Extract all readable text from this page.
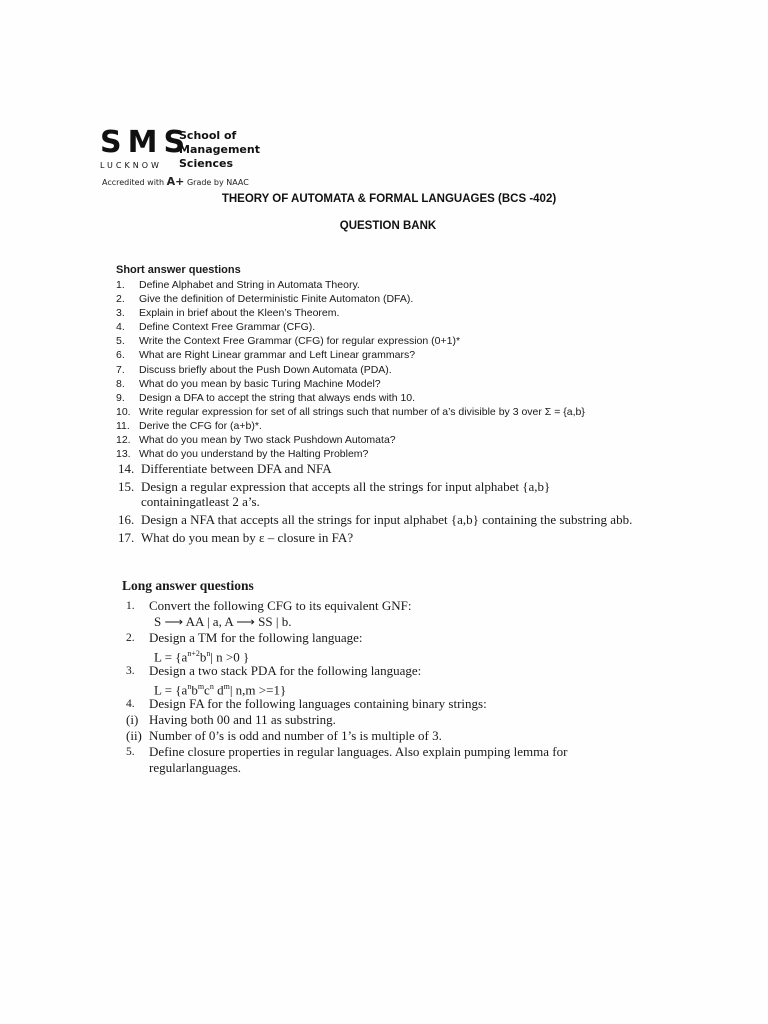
SMS
LUCKNOW
School of
Management
Sciences
Accredited with A+ Grade by NAAC
THEORY OF AUTOMATA & FORMAL LANGUAGES (BCS -402)
QUESTION BANK
Short answer questions
1.	Define Alphabet and String in Automata Theory.
2.	Give the definition of Deterministic Finite Automaton (DFA).
3.	Explain in brief about the Kleen’s Theorem.
4.	Define Context Free Grammar (CFG).
5.	Write the Context Free Grammar (CFG) for regular expression (0+1)*
6.	What are Right Linear grammar and Left Linear grammars?
7.	Discuss briefly about the Push Down Automata (PDA).
8.	What do you mean by basic Turing Machine Model?
9.	Design a DFA to accept the string that always ends with 10.
10. Write regular expression for set of all strings such that number of a’s divisible by 3 over Σ = {a,b}
11. Derive the CFG for (a+b)*.
12. What do you mean by Two stack Pushdown Automata?
13. What do you understand by the Halting Problem?
14. Differentiate between DFA and NFA
15. Design a regular expression that accepts all the strings for input alphabet {a,b} containingatleast 2 a’s.
16. Design a NFA that accepts all the strings for input alphabet {a,b} containing the substring abb.
17. What do you mean by ε – closure in FA?
Long answer questions
1. Convert the following CFG to its equivalent GNF:
S ⟶ AA | a, A ⟶ SS | b.
2. Design a TM for the following language:
$L = \{a^{n+2}b^n|$ n >0 }
3. Design a two stack PDA for the following language:
$L = \{a^nb^mc^n$ $d^m|$ n,m >=1}
4. Design FA for the following languages containing binary strings:
(i) Having both 00 and 11 as substring.
(ii) Number of 0’s is odd and number of 1’s is multiple of 3.
5. Define closure properties in regular languages. Also explain pumping lemma for
regularlanguages.
